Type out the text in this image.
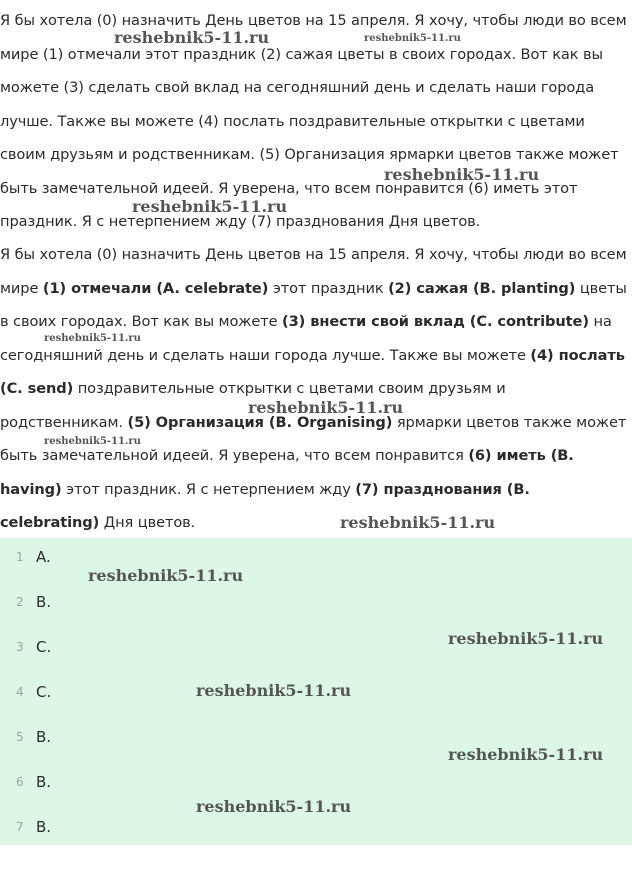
Я бы хотела (0) назначить День цветов на 15 апреля. Я хочу, чтобы люди во всем мире (1) отмечали этот праздник (2) сажая цветы в своих городах. Вот как вы можете (3) сделать свой вклад на сегодняшний день и сделать наши города лучше. Также вы можете (4) послать поздравительные открытки с цветами своим друзьям и родственникам. (5) Организация ярмарки цветов также может быть замечательной идеей. Я уверена, что всем понравится (6) иметь этот праздник. Я с нетерпением жду (7) празднования Дня цветов.

Я бы хотела (0) назначить День цветов на 15 апреля. Я хочу, чтобы люди во всем мире (1) отмечали (A. celebrate) этот праздник (2) сажая (B. planting) цветы в своих городах. Вот как вы можете (3) внести свой вклад (C. contribute) на сегодняшний день и сделать наши города лучше. Также вы можете (4) послать (C. send) поздравительные открытки с цветами своим друзьям и родственникам. (5) Организация (B. Organising) ярмарки цветов также может быть замечательной идеей. Я уверена, что всем понравится (6) иметь (B. having) этот праздник. Я с нетерпением жду (7) празднования (B. celebrating) Дня цветов.

1 A.
2 B.
3 C.
4 C.
5 B.
6 B.
7 B.
reshebnik5-11.ru	reshebnik5-11.ru
reshebnik5-11.ru
reshebnik5-11.ru
reshebnik5-11.ru
reshebnik5-11.ru
reshebnik5-11.ru
reshebnik5-11.ru
reshebnik5-11.ru
reshebnik5-11.ru
reshebnik5-11.ru
reshebnik5-11.ru
reshebnik5-11.ru
